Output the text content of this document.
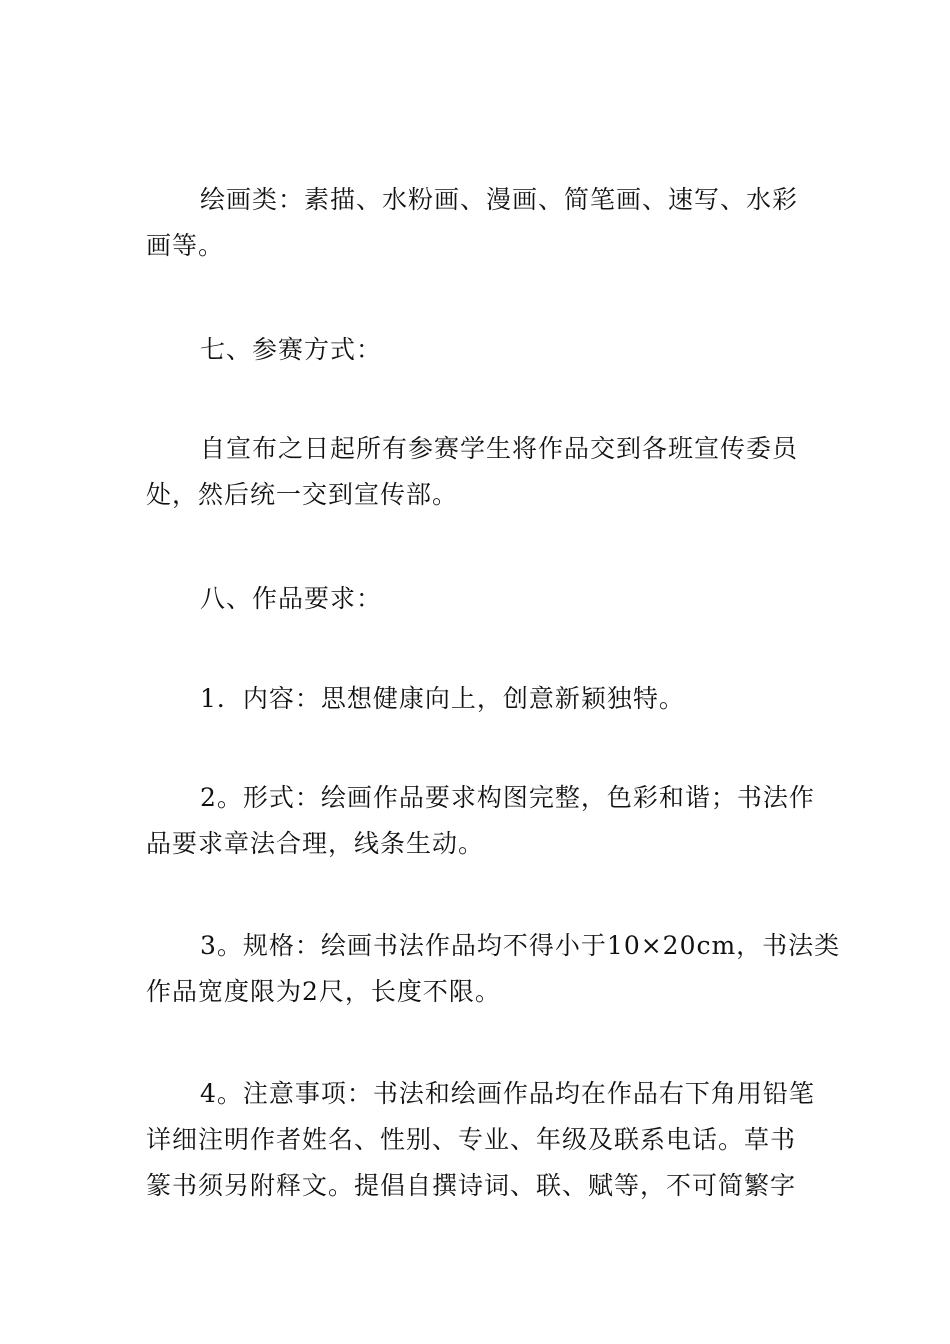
绘画类：素描、水粉画、漫画、简笔画、速写、水彩
画等。

七、参赛方式：

自宣布之日起所有参赛学生将作品交到各班宣传委员
处，然后统一交到宣传部。

八、作品要求：

1．内容：思想健康向上，创意新颖独特。

2。形式：绘画作品要求构图完整，色彩和谐；书法作
品要求章法合理，线条生动。

3。规格：绘画书法作品均不得小于10×20cm，书法类
作品宽度限为2尺，长度不限。

4。注意事项：书法和绘画作品均在作品右下角用铅笔
详细注明作者姓名、性别、专业、年级及联系电话。草书
篆书须另附释文。提倡自撰诗词、联、赋等，不可简繁字
